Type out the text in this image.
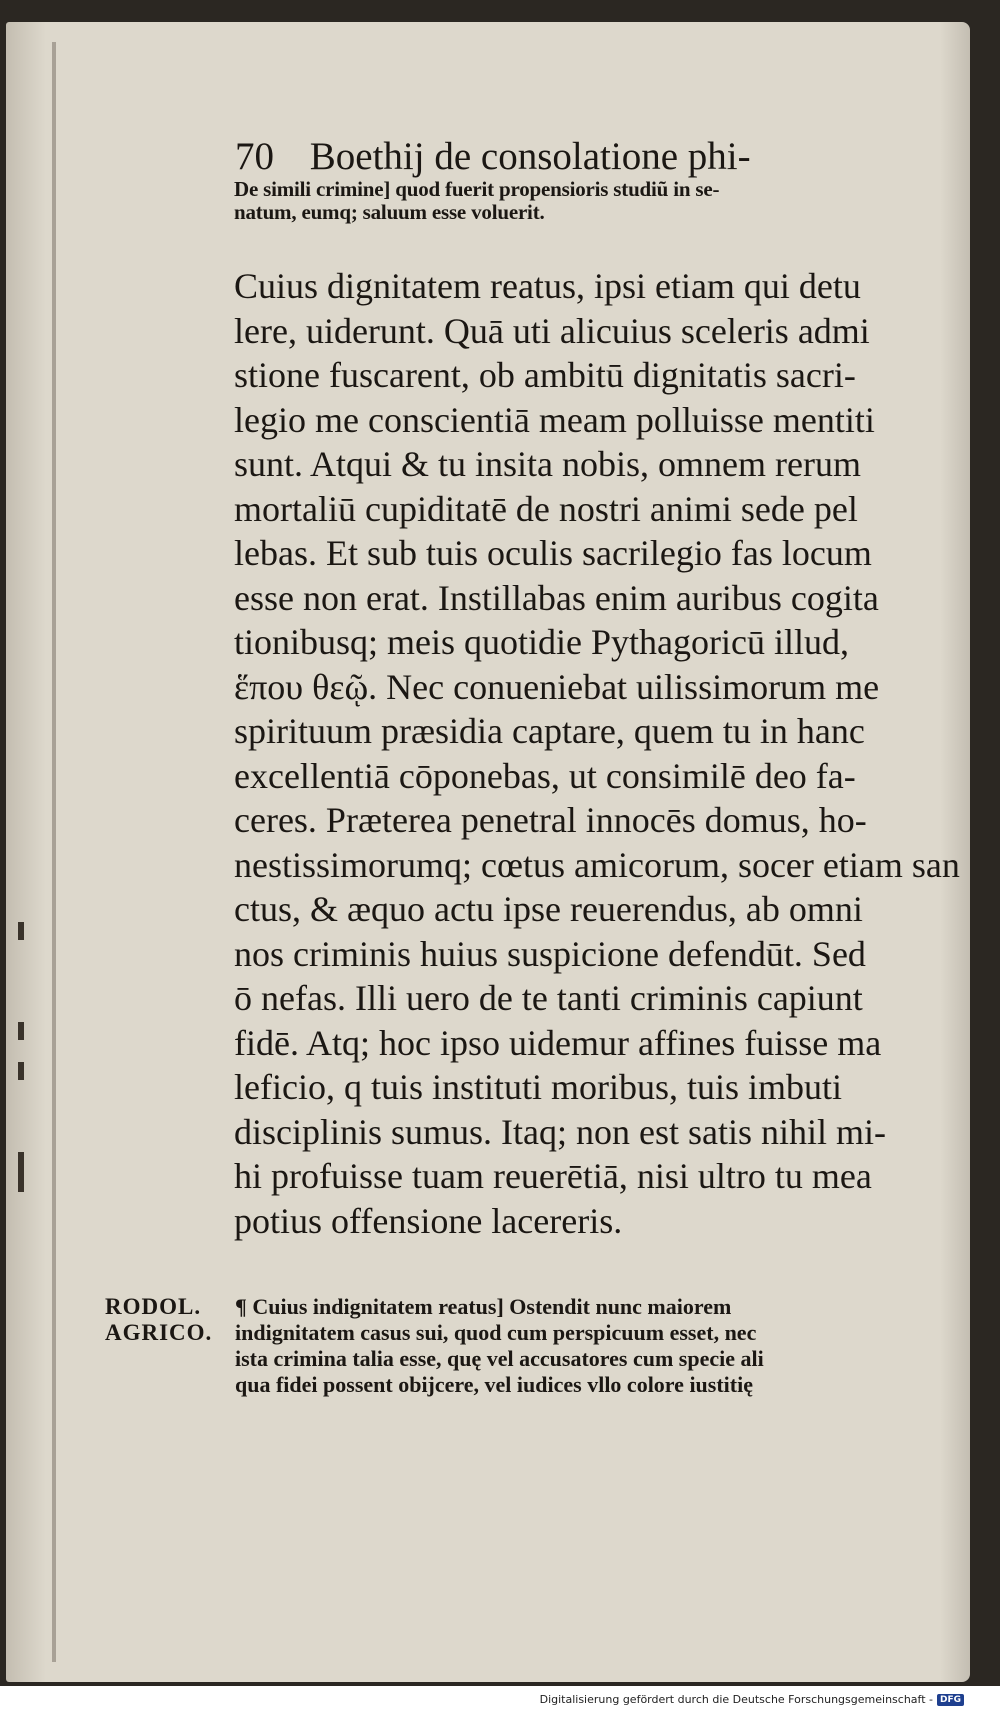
70 Boethij de consolatione phi-
De simili crimine] quod fuerit propensioris studiũ in se-
natum, eumq; saluum esse voluerit.
Cuius dignitatem reatus, ipsi etiam qui detu
lere, uiderunt. Quā uti alicuius sceleris admi
stione fuscarent, ob ambitū dignitatis sacri-
legio me conscientiā meam polluisse mentiti
sunt. Atqui & tu insita nobis, omnem rerum
mortaliū cupiditatē de nostri animi sede pel
lebas. Et sub tuis oculis sacrilegio fas locum
esse non erat. Instillabas enim auribus cogita
tionibusq; meis quotidie Pythagoricū illud,
ἕπου θεῷ. Nec conueniebat uilissimorum me
spirituum præsidia captare, quem tu in hanc
excellentiā cōponebas, ut consimilē deo fa-
ceres. Præterea penetral innocēs domus, ho-
nestissimorumq; cœtus amicorum, socer etiam san
ctus, & æquo actu ipse reuerendus, ab omni
nos criminis huius suspicione defendūt. Sed
ō nefas. Illi uero de te tanti criminis capiunt
fidē. Atq; hoc ipso uidemur affines fuisse ma
leficio, q tuis instituti moribus, tuis imbuti
disciplinis sumus. Itaq; non est satis nihil mi-
hi profuisse tuam reuerētiā, nisi ultro tu mea
potius offensione lacereris.
RODOL.	¶ Cuius indignitatem reatus] Ostendit nunc maiorem
AGRICO.	indignitatem casus sui, quod cum perspicuum esset, nec
ista crimina talia esse, quę vel accusatores cum specie ali
qua fidei possent obijcere, vel iudices vllo colore iustitię
Digitalisierung gefördert durch die Deutsche Forschungsgemeinschaft - DFG
